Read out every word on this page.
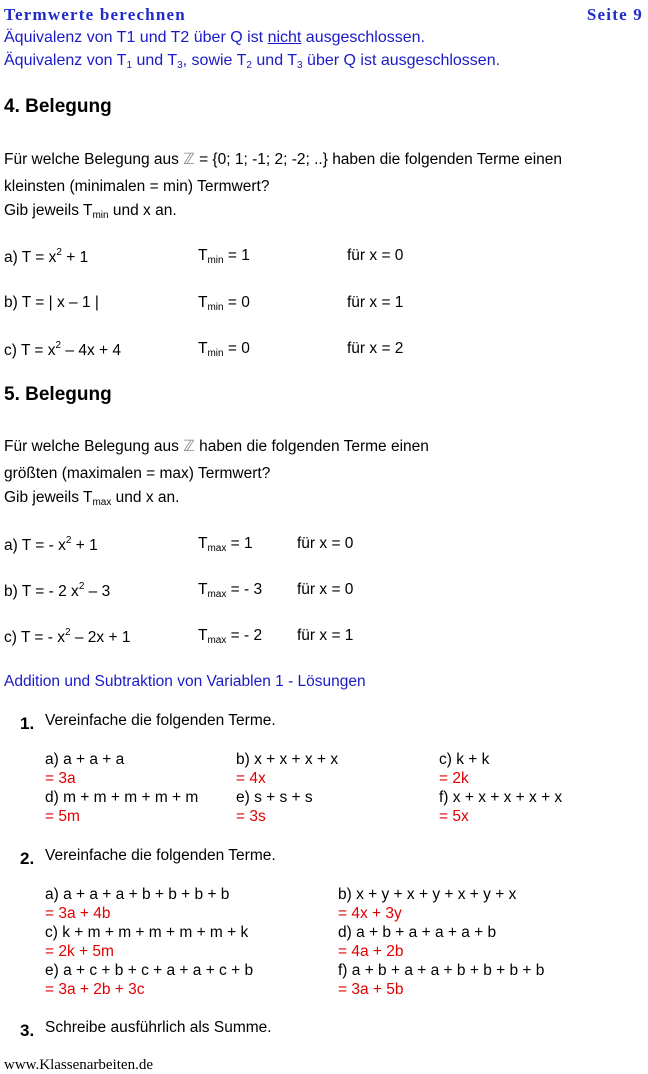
Termwerte berechnen	Seite 9
Äquivalenz von T1 und T2 über Q ist nicht ausgeschlossen.
Äquivalenz von $T_1$ und $T_3$, sowie $T_2$ und $T_3$ über Q ist ausgeschlossen.
4. Belegung
Für welche Belegung aus ℤ = {0; 1; -1; 2; -2; ..} haben die folgenden Terme einen
kleinsten (minimalen = min) Termwert?
Gib jeweils $T_{min}$ und x an.
a) $T = x^2 + 1$	$T_{min} = 1$	für x = 0
b) T = | x – 1 |	$T_{min} = 0$	für x = 1
c) $T = x^2 - 4x + 4$	$T_{min} = 0$	für x = 2
5. Belegung
Für welche Belegung aus ℤ haben die folgenden Terme einen
größten (maximalen = max) Termwert?
Gib jeweils $T_{max}$ und x an.
a) T = - $x^2 + 1$	$T_{max} = 1$	für x = 0
b) T = - 2 $x^2 - 3$	$T_{max}$ = - 3 für x = 0
c) T = - $x^2 - 2x + 1$	$T_{max}$ = - 2 für x = 1
Addition und Subtraktion von Variablen 1 - Lösungen
1. Vereinfache die folgenden Terme.
a) a + a + a
= 3a
b) x + x + x + x
= 4x
c) k + k
= 2k
d) m + m + m + m + m
= 5m
e) s + s + s
= 3s
f) x + x + x + x + x
= 5x
2. Vereinfache die folgenden Terme.
a) a + a + a + b + b + b + b
= 3a + 4b
b) x + y + x + y + x + y + x
= 4x + 3y
c) k + m + m + m + m + m + k
= 2k + 5m
d) a + b + a + a + a + b
= 4a + 2b
e) a + c + b + c + a + a + c + b
= 3a + 2b + 3c
f) a + b + a + a + b + b + b + b
= 3a + 5b
3. Schreibe ausführlich als Summe.
www.Klassenarbeiten.de
